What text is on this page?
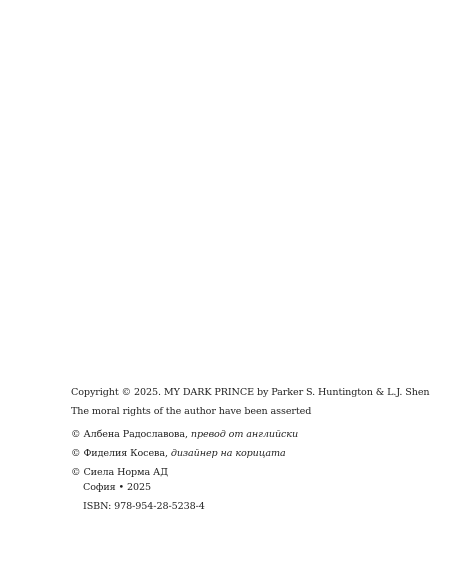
Copyright © 2025. MY DARK PRINCE by Parker S. Huntington & L.J. Shen
The moral rights of the author have been asserted
© Албена Радославова, превод от английски
© Фиделия Косева, дизайнер на корицата
© Сиела Норма АД
София • 2025
ISBN: 978-954-28-5238-4
